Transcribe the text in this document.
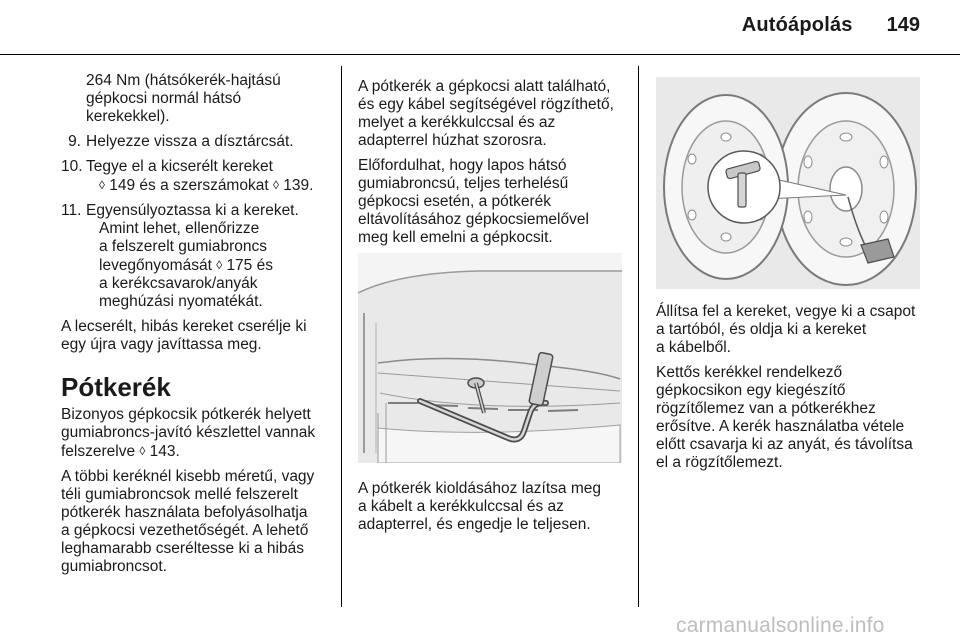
Autóápolás 149

264 Nm (hátsókerék-hajtású
gépkocsi normál hátsó
kerekekkel).

9. Helyezze vissza a dísztárcsát.
10. Tegye el a kicserélt kereket

◊ 149 és a szerszámokat ◊ 139.
11. Egyensúlyoztassa ki a kereket.

Amint lehet, ellenőrizze
a felszerelt gumiabroncs
levegőnyomását ◊ 175 és
a kerékcsavarok/anyák
meghúzási nyomatékát.

A lecserélt, hibás kereket cserélje ki
egy újra vagy javíttassa meg.

Pótkerék

Bizonyos gépkocsik pótkerék helyett
gumiabroncs-javító készlettel vannak
felszerelve ◊ 143.

A többi keréknél kisebb méretű, vagy
téli gumiabroncsok mellé felszerelt
pótkerék használata befolyásolhatja
a gépkocsi vezethetőségét. A lehető
leghamarabb cseréltesse ki a hibás
gumiabroncsot.

A pótkerék a gépkocsi alatt található,
és egy kábel segítségével rögzíthető,
melyet a kerékkulccsal és az
adapterrel húzhat szorosra.

Előfordulhat, hogy lapos hátsó
gumiabroncsú, teljes terhelésű
gépkocsi esetén, a pótkerék
eltávolításához gépkocsiemelővel
meg kell emelni a gépkocsit.

A pótkerék kioldásához lazítsa meg
a kábelt a kerékkulccsal és az
adapterrel, és engedje le teljesen.

Állítsa fel a kereket, vegye ki a csapot
a tartóból, és oldja ki a kereket
a kábelből.

Kettős kerékkel rendelkező
gépkocsikon egy kiegészítő
rögzítőlemez van a pótkerékhez
erősítve. A kerék használatba vétele
előtt csavarja ki az anyát, és távolítsa
el a rögzítőlemezt.

carmanualsonline.info
